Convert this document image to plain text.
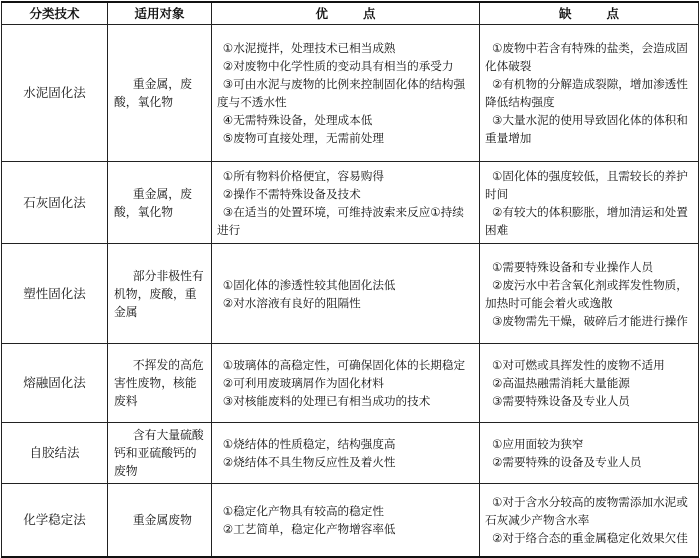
分类技术	适用对象	优　点	缺　点
水泥固化法	重金属，废酸，氧化物	①水泥搅拌，处理技术已相当成熟
②对废物中化学性质的变动具有相当的承受力
③可由水泥与废物的比例来控制固化体的结构强度与不透水性
④无需特殊设备，处理成本低
⑤废物可直接处理，无需前处理	①废物中若含有特殊的盐类，会造成固化体破裂
②有机物的分解造成裂隙，增加渗透性降低结构强度
③大量水泥的使用导致固化体的体积和重量增加

石灰固化法	重金属，废酸，氧化物	①所有物料价格便宜，容易购得
②操作不需特殊设备及技术
③在适当的处置环境，可维持波索来反应①持续进行	①固化体的强度较低，且需较长的养护时间
②有较大的体积膨胀，增加清运和处置困难

塑性固化法	部分非极性有机物，废酸，重金属	①固化体的渗透性较其他固化法低
②对水溶液有良好的阻隔性	①需要特殊设备和专业操作人员
②废污水中若含氧化剂或挥发性物质，加热时可能会着火或逸散
③废物需先干燥，破碎后才能进行操作

熔融固化法	不挥发的高危害性废物，核能废料	①玻璃体的高稳定性，可确保固化体的长期稳定
②可利用废玻璃屑作为固化材料
③对核能废料的处理已有相当成功的技术	①对可燃或具挥发性的废物不适用
②高温热融需消耗大量能源
③需要特殊设备及专业人员

自胶结法	含有大量硫酸钙和亚硫酸钙的废物	①烧结体的性质稳定，结构强度高
②烧结体不具生物反应性及着火性	①应用面较为狭窄
②需要特殊的设备及专业人员

化学稳定法	重金属废物	①稳定化产物具有较高的稳定性
②工艺简单，稳定化产物增容率低	①对于含水分较高的废物需添加水泥或石灰减少产物含水率
②对于络合态的重金属稳定化效果欠佳
